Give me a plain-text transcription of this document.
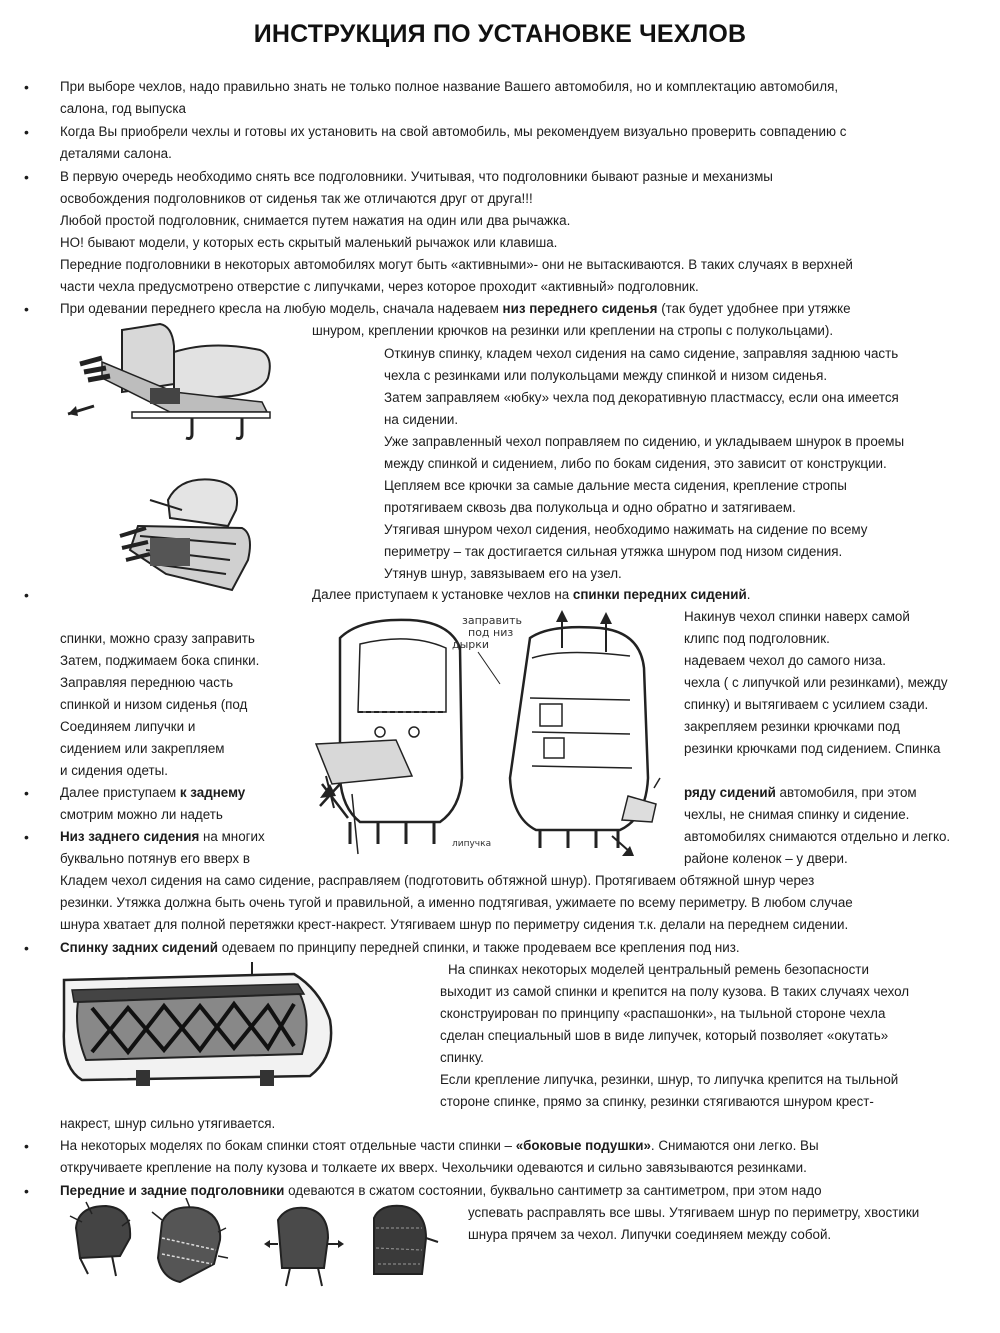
ИНСТРУКЦИЯ ПО УСТАНОВКЕ ЧЕХЛОВ
• При выборе чехлов, надо правильно знать не только полное название Вашего автомобиля, но и комплектацию автомобиля,
салона, год выпуска
• Когда Вы приобрели чехлы и готовы их установить на свой автомобиль, мы рекомендуем визуально проверить совпадению с
деталями салона.
• В первую очередь необходимо снять все подголовники. Учитывая, что подголовники бывают разные и механизмы
освобождения подголовников от сиденья так же отличаются друг от друга!!!
Любой простой подголовник, снимается путем нажатия на один или два рычажка.
НО! бывают модели, у которых есть скрытый маленький рычажок или клавиша.
Передние подголовники в некоторых автомобилях могут быть «активными»- они не вытаскиваются. В таких случаях в верхней
части чехла предусмотрено отверстие с липучками, через которое проходит «активный» подголовник.
• При одевании переднего кресла на любую модель, сначала надеваем низ переднего сиденья (так будет удобнее при утяжке
шнуром, креплении крючков на резинки или креплении на стропы с полукольцами).
Откинув спинку, кладем чехол сидения на само сидение, заправляя заднюю часть
чехла с резинками или полукольцами между спинкой и низом сиденья.
Затем заправляем «юбку» чехла под декоративную пластмассу, если она имеется
на сидении.
Уже заправленный чехол поправляем по сидению, и укладываем шнурок в проемы
между спинкой и сидением, либо по бокам сидения, это зависит от конструкции.
Цепляем все крючки за самые дальние места сидения, крепление стропы
протягиваем сквозь два полукольца и одно обратно и затягиваем.
Утягивая шнуром чехол сидения, необходимо нажимать на сидение по всему
периметру – так достигается сильная утяжка шнуром под низом сидения.
Утянув шнур, завязываем его на узел.
•	Далее приступаем к установке чехлов на спинки передних сидений.
Накинув чехол спинки наверх самой
спинки, можно сразу заправить	клипс под подголовник.
Затем, поджимаем бока спинки.	надеваем чехол до самого низа.
Заправляя переднюю часть	чехла ( с липучкой или резинками), между
спинкой и низом сиденья (под	спинку) и вытягиваем с усилием сзади.
Соединяем липучки и	закрепляем резинки крючками под
сидением или закрепляем	резинки крючками под сидением. Спинка
и сидения одеты.
заправить
под низ
дырки
липучка
• Далее приступаем к заднему	ряду сидений автомобиля, при этом
смотрим можно ли надеть	чехлы, не снимая спинку и сидение.
• Низ заднего сидения на многих	автомобилях снимаются отдельно и легко.
буквально потянув его вверх в	районе коленок – у двери.
Кладем чехол сидения на само сидение, расправляем (подготовить обтяжной шнур). Протягиваем обтяжной шнур через
резинки. Утяжка должна быть очень тугой и правильной, а именно подтягивая, ужимаете по всему периметру. В любом случае
шнура хватает для полной перетяжки крест-накрест. Утягиваем шнур по периметру сидения т.к. делали на переднем сидении.
• Спинку задних сидений одеваем по принципу передней спинки, и также продеваем все крепления под низ.
На спинках некоторых моделей центральный ремень безопасности
выходит из самой спинки и крепится на полу кузова. В таких случаях чехол
сконструирован по принципу «распашонки», на тыльной стороне чехла
сделан специальный шов в виде липучек, который позволяет «окутать»
спинку.
Если крепление липучка, резинки, шнур, то липучка крепится на тыльной
стороне спинке, прямо за спинку, резинки стягиваются шнуром крест-
накрест, шнур сильно утягивается.
• На некоторых моделях по бокам спинки стоят отдельные части спинки – «боковые подушки». Снимаются они легко. Вы
откручиваете крепление на полу кузова и толкаете их вверх. Чехольчики одеваются и сильно завязываются резинками.
• Передние и задние подголовники одеваются в сжатом состоянии, буквально сантиметр за сантиметром, при этом надо
успевать расправлять все швы. Утягиваем шнур по периметру, хвостики
шнура прячем за чехол. Липучки соединяем между собой.
